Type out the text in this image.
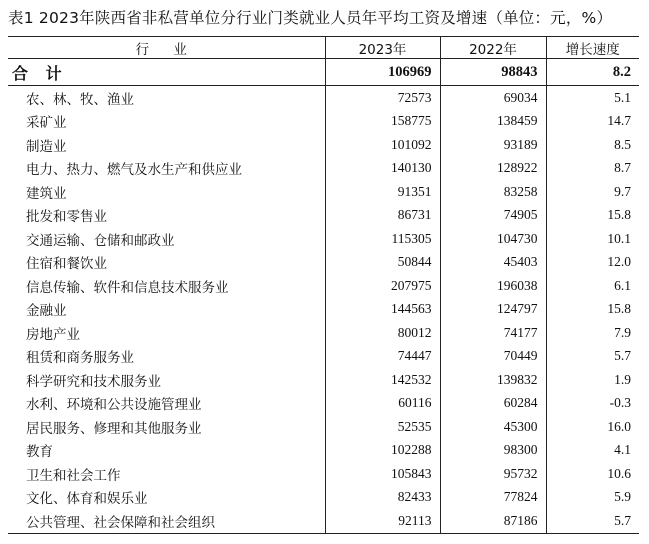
表1 2023年陕西省非私营单位分行业门类就业人员年平均工资及增速（单位：元，%）
行 业	2023年	2022年	增长速度
合 计	106969	98843	8.2
农、林、牧、渔业	72573	69034	5.1
采矿业	158775	138459	14.7
制造业	101092	93189	8.5
电力、热力、燃气及水生产和供应业	140130	128922	8.7
建筑业	91351	83258	9.7
批发和零售业	86731	74905	15.8
交通运输、仓储和邮政业	115305	104730	10.1
住宿和餐饮业	50844	45403	12.0
信息传输、软件和信息技术服务业	207975	196038	6.1
金融业	144563	124797	15.8
房地产业	80012	74177	7.9
租赁和商务服务业	74447	70449	5.7
科学研究和技术服务业	142532	139832	1.9
水利、环境和公共设施管理业	60116	60284	-0.3
居民服务、修理和其他服务业	52535	45300	16.0
教育	102288	98300	4.1
卫生和社会工作	105843	95732	10.6
文化、体育和娱乐业	82433	77824	5.9
公共管理、社会保障和社会组织	92113	87186	5.7
